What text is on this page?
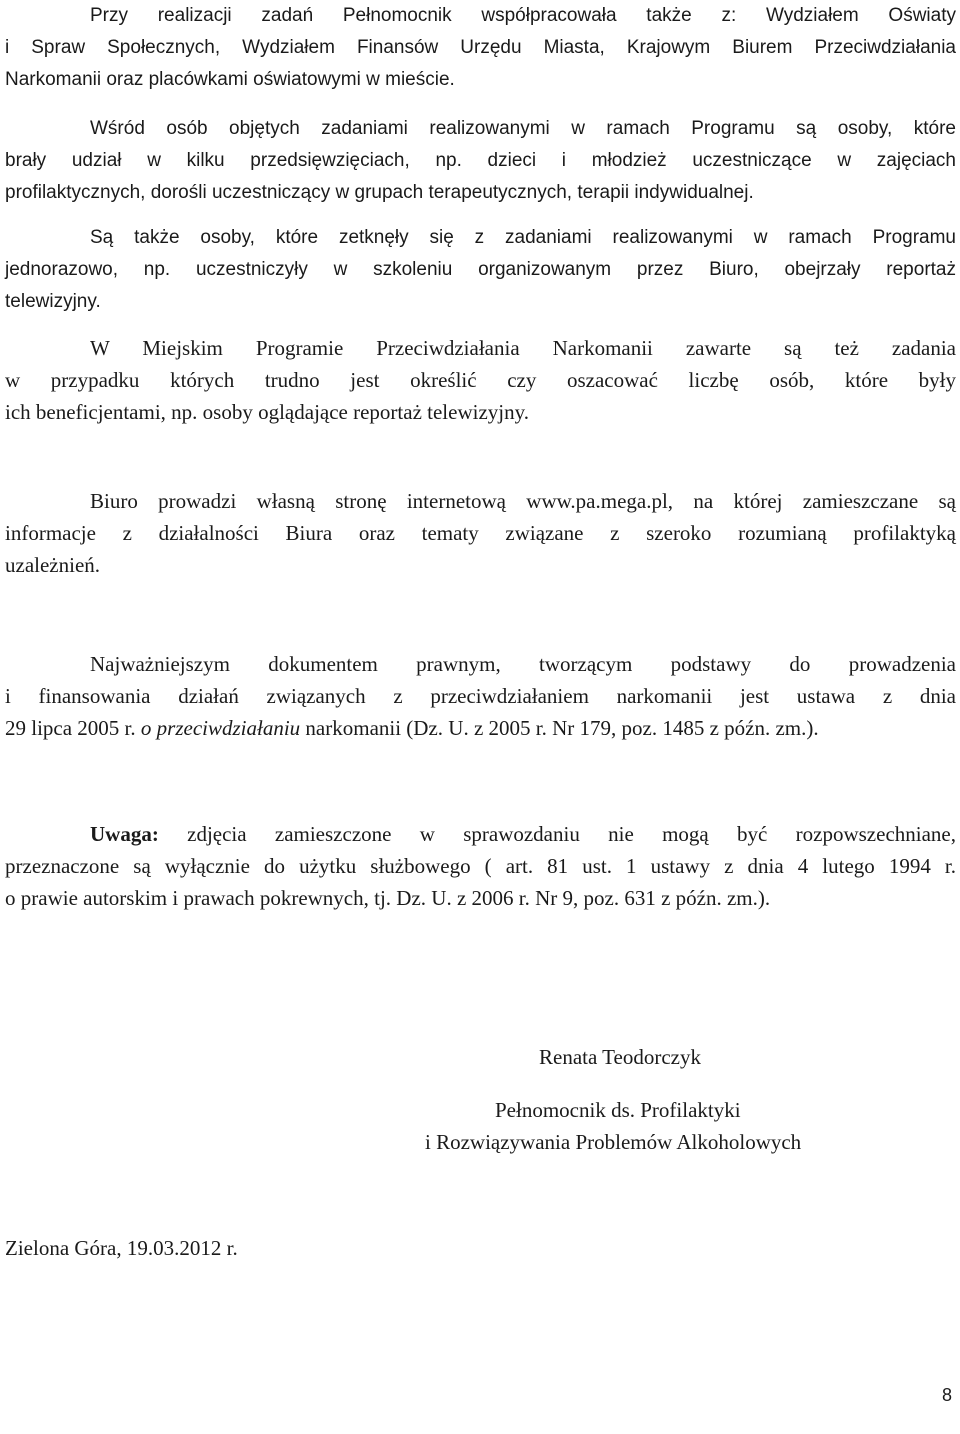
Przy realizacji zadań Pełnomocnik współpracowała także z: Wydziałem Oświaty
i Spraw Społecznych, Wydziałem Finansów Urzędu Miasta, Krajowym Biurem Przeciwdziałania
Narkomanii oraz placówkami oświatowymi w mieście.
Wśród osób objętych zadaniami realizowanymi w ramach Programu są osoby, które
brały udział w kilku przedsięwzięciach, np. dzieci i młodzież uczestniczące w zajęciach
profilaktycznych, dorośli uczestniczący w grupach terapeutycznych, terapii indywidualnej.
Są także osoby, które zetknęły się z zadaniami realizowanymi w ramach Programu
jednorazowo, np. uczestniczyły w szkoleniu organizowanym przez Biuro, obejrzały reportaż
telewizyjny.
W Miejskim Programie Przeciwdziałania Narkomanii zawarte są też zadania
w przypadku których trudno jest określić czy oszacować liczbę osób, które były
ich beneficjentami, np. osoby oglądające reportaż telewizyjny.
Biuro prowadzi własną stronę internetową www.pa.mega.pl, na której zamieszczane są
informacje z działalności Biura oraz tematy związane z szeroko rozumianą profilaktyką
uzależnień.
Najważniejszym dokumentem prawnym, tworzącym podstawy do prowadzenia
i finansowania działań związanych z przeciwdziałaniem narkomanii jest ustawa z dnia
29 lipca 2005 r. o przeciwdziałaniu narkomanii (Dz. U. z 2005 r. Nr 179, poz. 1485 z późn. zm.).
Uwaga: zdjęcia zamieszczone w sprawozdaniu nie mogą być rozpowszechniane,
przeznaczone są wyłącznie do użytku służbowego ( art. 81 ust. 1 ustawy z dnia 4 lutego 1994 r.
o prawie autorskim i prawach pokrewnych, tj. Dz. U. z 2006 r. Nr 9, poz. 631 z późn. zm.).
Renata Teodorczyk
Pełnomocnik ds. Profilaktyki
i Rozwiązywania Problemów Alkoholowych
Zielona Góra, 19.03.2012 r.
8
